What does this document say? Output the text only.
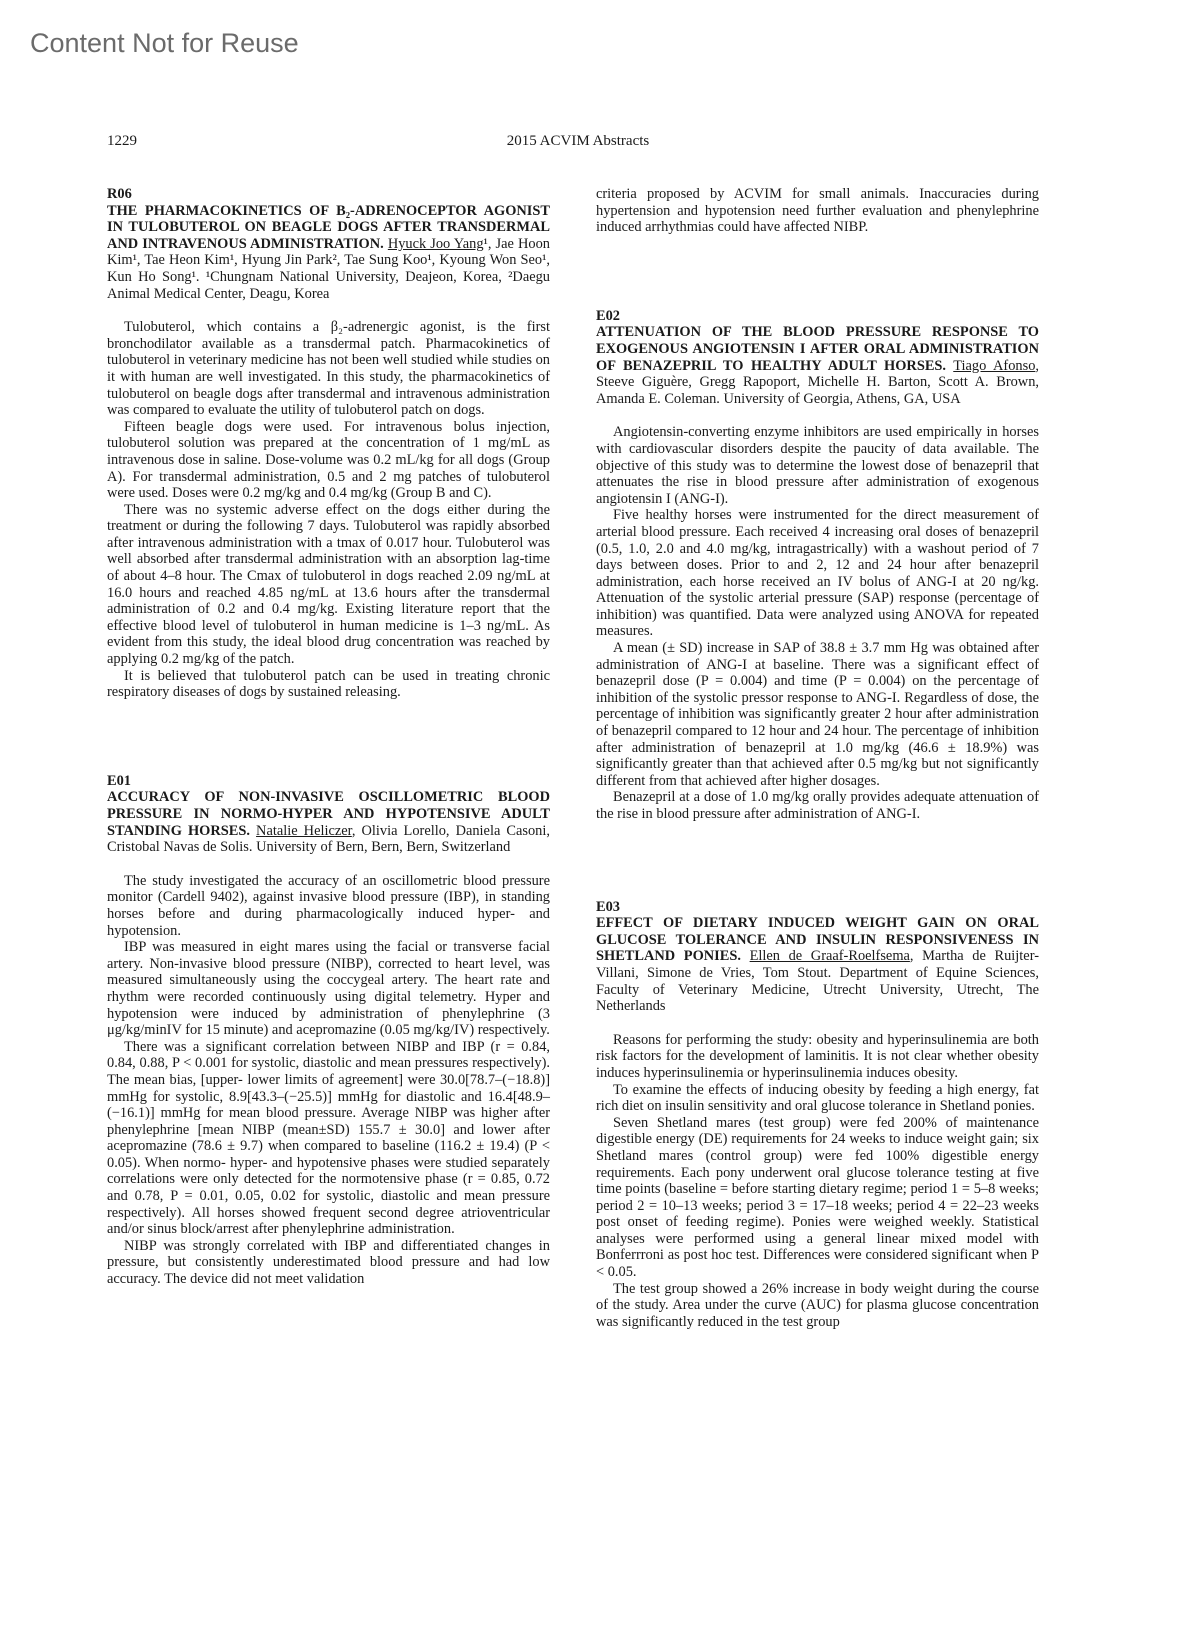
Content Not for Reuse
1229	2015 ACVIM Abstracts
R06
THE PHARMACOKINETICS OF B₂-ADRENOCEPTOR AGONIST IN TULOBUTEROL ON BEAGLE DOGS AFTER TRANSDERMAL AND INTRAVENOUS ADMINISTRATION. Hyuck Joo Yang¹, Jae Hoon Kim¹, Tae Heon Kim¹, Hyung Jin Park², Tae Sung Koo¹, Kyoung Won Seo¹, Kun Ho Song¹. ¹Chungnam National University, Deajeon, Korea, ²Daegu Animal Medical Center, Deagu, Korea

Tulobuterol, which contains a β₂-adrenergic agonist, is the first bronchodilator available as a transdermal patch. Pharmacokinetics of tulobuterol in veterinary medicine has not been well studied while studies on it with human are well investigated. In this study, the pharmacokinetics of tulobuterol on beagle dogs after transdermal and intravenous administration was compared to evaluate the utility of tulobuterol patch on dogs.

Fifteen beagle dogs were used. For intravenous bolus injection, tulobuterol solution was prepared at the concentration of 1 mg/mL as intravenous dose in saline. Dose-volume was 0.2 mL/kg for all dogs (Group A). For transdermal administration, 0.5 and 2 mg patches of tulobuterol were used. Doses were 0.2 mg/kg and 0.4 mg/kg (Group B and C).

There was no systemic adverse effect on the dogs either during the treatment or during the following 7 days. Tulobuterol was rapidly absorbed after intravenous administration with a tmax of 0.017 hour. Tulobuterol was well absorbed after transdermal administration with an absorption lag-time of about 4–8 hour. The Cmax of tulobuterol in dogs reached 2.09 ng/mL at 16.0 hours and reached 4.85 ng/mL at 13.6 hours after the transdermal administration of 0.2 and 0.4 mg/kg. Existing literature report that the effective blood level of tulobuterol in human medicine is 1–3 ng/mL. As evident from this study, the ideal blood drug concentration was reached by applying 0.2 mg/kg of the patch.

It is believed that tulobuterol patch can be used in treating chronic respiratory diseases of dogs by sustained releasing.

E01
ACCURACY OF NON-INVASIVE OSCILLOMETRIC BLOOD PRESSURE IN NORMO-HYPER AND HYPOTENSIVE ADULT STANDING HORSES. Natalie Heliczer, Olivia Lorello, Daniela Casoni, Cristobal Navas de Solis. University of Bern, Bern, Bern, Switzerland

The study investigated the accuracy of an oscillometric blood pressure monitor (Cardell 9402), against invasive blood pressure (IBP), in standing horses before and during pharmacologically induced hyper- and hypotension.

IBP was measured in eight mares using the facial or transverse facial artery. Non-invasive blood pressure (NIBP), corrected to heart level, was measured simultaneously using the coccygeal artery. The heart rate and rhythm were recorded continuously using digital telemetry. Hyper and hypotension were induced by administration of phenylephrine (3 μg/kg/minIV for 15 minute) and acepromazine (0.05 mg/kg/IV) respectively.

There was a significant correlation between NIBP and IBP (r = 0.84, 0.84, 0.88, P < 0.001 for systolic, diastolic and mean pressures respectively). The mean bias, [upper- lower limits of agreement] were 30.0[78.7–(−18.8)] mmHg for systolic, 8.9[43.3–(−25.5)] mmHg for diastolic and 16.4[48.9–(−16.1)] mmHg for mean blood pressure. Average NIBP was higher after phenylephrine [mean NIBP (mean±SD) 155.7 ± 30.0] and lower after acepromazine (78.6 ± 9.7) when compared to baseline (116.2 ± 19.4) (P < 0.05). When normo- hyper- and hypotensive phases were studied separately correlations were only detected for the normotensive phase (r = 0.85, 0.72 and 0.78, P = 0.01, 0.05, 0.02 for systolic, diastolic and mean pressure respectively). All horses showed frequent second degree atrioventricular and/or sinus block/arrest after phenylephrine administration.

NIBP was strongly correlated with IBP and differentiated changes in pressure, but consistently underestimated blood pressure and had low accuracy. The device did not meet validation

criteria proposed by ACVIM for small animals. Inaccuracies during hypertension and hypotension need further evaluation and phenylephrine induced arrhythmias could have affected NIBP.

E02
ATTENUATION OF THE BLOOD PRESSURE RESPONSE TO EXOGENOUS ANGIOTENSIN I AFTER ORAL ADMINISTRATION OF BENAZEPRIL TO HEALTHY ADULT HORSES. Tiago Afonso, Steeve Giguère, Gregg Rapoport, Michelle H. Barton, Scott A. Brown, Amanda E. Coleman. University of Georgia, Athens, GA, USA

Angiotensin-converting enzyme inhibitors are used empirically in horses with cardiovascular disorders despite the paucity of data available. The objective of this study was to determine the lowest dose of benazepril that attenuates the rise in blood pressure after administration of exogenous angiotensin I (ANG-I).

Five healthy horses were instrumented for the direct measurement of arterial blood pressure. Each received 4 increasing oral doses of benazepril (0.5, 1.0, 2.0 and 4.0 mg/kg, intragastrically) with a washout period of 7 days between doses. Prior to and 2, 12 and 24 hour after benazepril administration, each horse received an IV bolus of ANG-I at 20 ng/kg. Attenuation of the systolic arterial pressure (SAP) response (percentage of inhibition) was quantified. Data were analyzed using ANOVA for repeated measures.

A mean (± SD) increase in SAP of 38.8 ± 3.7 mm Hg was obtained after administration of ANG-I at baseline. There was a significant effect of benazepril dose (P = 0.004) and time (P = 0.004) on the percentage of inhibition of the systolic pressor response to ANG-I. Regardless of dose, the percentage of inhibition was significantly greater 2 hour after administration of benazepril compared to 12 hour and 24 hour. The percentage of inhibition after administration of benazepril at 1.0 mg/kg (46.6 ± 18.9%) was significantly greater than that achieved after 0.5 mg/kg but not significantly different from that achieved after higher dosages.

Benazepril at a dose of 1.0 mg/kg orally provides adequate attenuation of the rise in blood pressure after administration of ANG-I.

E03
EFFECT OF DIETARY INDUCED WEIGHT GAIN ON ORAL GLUCOSE TOLERANCE AND INSULIN RESPONSIVENESS IN SHETLAND PONIES. Ellen de Graaf-Roelfsema, Martha de Ruijter-Villani, Simone de Vries, Tom Stout. Department of Equine Sciences, Faculty of Veterinary Medicine, Utrecht University, Utrecht, The Netherlands

Reasons for performing the study: obesity and hyperinsulinemia are both risk factors for the development of laminitis. It is not clear whether obesity induces hyperinsulinemia or hyperinsulinemia induces obesity.

To examine the effects of inducing obesity by feeding a high energy, fat rich diet on insulin sensitivity and oral glucose tolerance in Shetland ponies.

Seven Shetland mares (test group) were fed 200% of maintenance digestible energy (DE) requirements for 24 weeks to induce weight gain; six Shetland mares (control group) were fed 100% digestible energy requirements. Each pony underwent oral glucose tolerance testing at five time points (baseline = before starting dietary regime; period 1 = 5–8 weeks; period 2 = 10–13 weeks; period 3 = 17–18 weeks; period 4 = 22–23 weeks post onset of feeding regime). Ponies were weighed weekly. Statistical analyses were performed using a general linear mixed model with Bonferrroni as post hoc test. Differences were considered significant when P < 0.05.

The test group showed a 26% increase in body weight during the course of the study. Area under the curve (AUC) for plasma glucose concentration was significantly reduced in the test group
